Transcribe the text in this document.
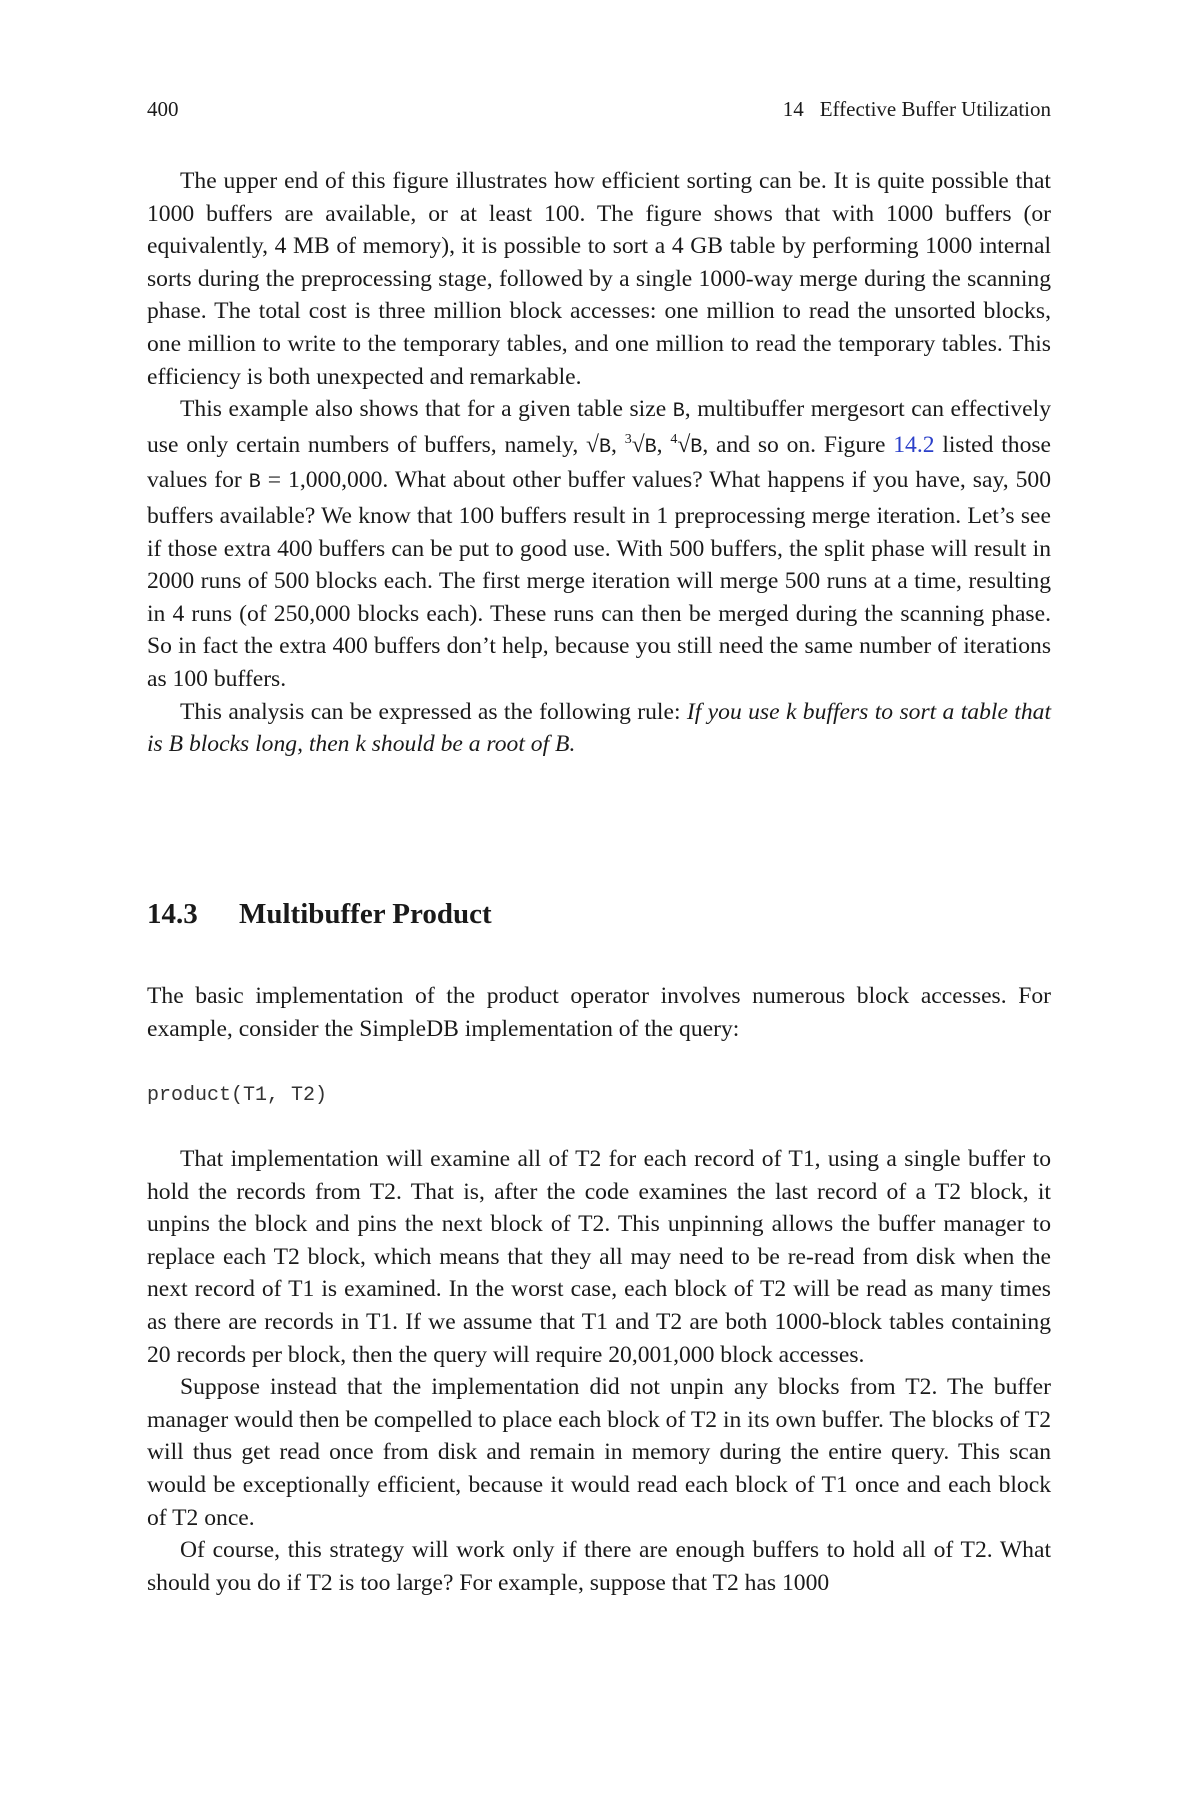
400	14 Effective Buffer Utilization

The upper end of this figure illustrates how efficient sorting can be. It is quite possible that 1000 buffers are available, or at least 100. The figure shows that with 1000 buffers (or equivalently, 4 MB of memory), it is possible to sort a 4 GB table by performing 1000 internal sorts during the preprocessing stage, followed by a single 1000-way merge during the scanning phase. The total cost is three million block accesses: one million to read the unsorted blocks, one million to write to the temporary tables, and one million to read the temporary tables. This efficiency is both unexpected and remarkable.

This example also shows that for a given table size B, multibuffer mergesort can effectively use only certain numbers of buffers, namely, √B, $^3$√B, $^4$√B, and so on. Figure 14.2 listed those values for B = 1,000,000. What about other buffer values? What happens if you have, say, 500 buffers available? We know that 100 buffers result in 1 preprocessing merge iteration. Let’s see if those extra 400 buffers can be put to good use. With 500 buffers, the split phase will result in 2000 runs of 500 blocks each. The first merge iteration will merge 500 runs at a time, resulting in 4 runs (of 250,000 blocks each). These runs can then be merged during the scanning phase. So in fact the extra 400 buffers don’t help, because you still need the same number of iterations as 100 buffers.

This analysis can be expressed as the following rule: If you use k buffers to sort a table that is B blocks long, then k should be a root of B.

14.3 Multibuffer Product

The basic implementation of the product operator involves numerous block accesses. For example, consider the SimpleDB implementation of the query:

product(T1, T2)

That implementation will examine all of T2 for each record of T1, using a single buffer to hold the records from T2. That is, after the code examines the last record of a T2 block, it unpins the block and pins the next block of T2. This unpinning allows the buffer manager to replace each T2 block, which means that they all may need to be re-read from disk when the next record of T1 is examined. In the worst case, each block of T2 will be read as many times as there are records in T1. If we assume that T1 and T2 are both 1000-block tables containing 20 records per block, then the query will require 20,001,000 block accesses.

Suppose instead that the implementation did not unpin any blocks from T2. The buffer manager would then be compelled to place each block of T2 in its own buffer. The blocks of T2 will thus get read once from disk and remain in memory during the entire query. This scan would be exceptionally efficient, because it would read each block of T1 once and each block of T2 once.

Of course, this strategy will work only if there are enough buffers to hold all of T2. What should you do if T2 is too large? For example, suppose that T2 has 1000
